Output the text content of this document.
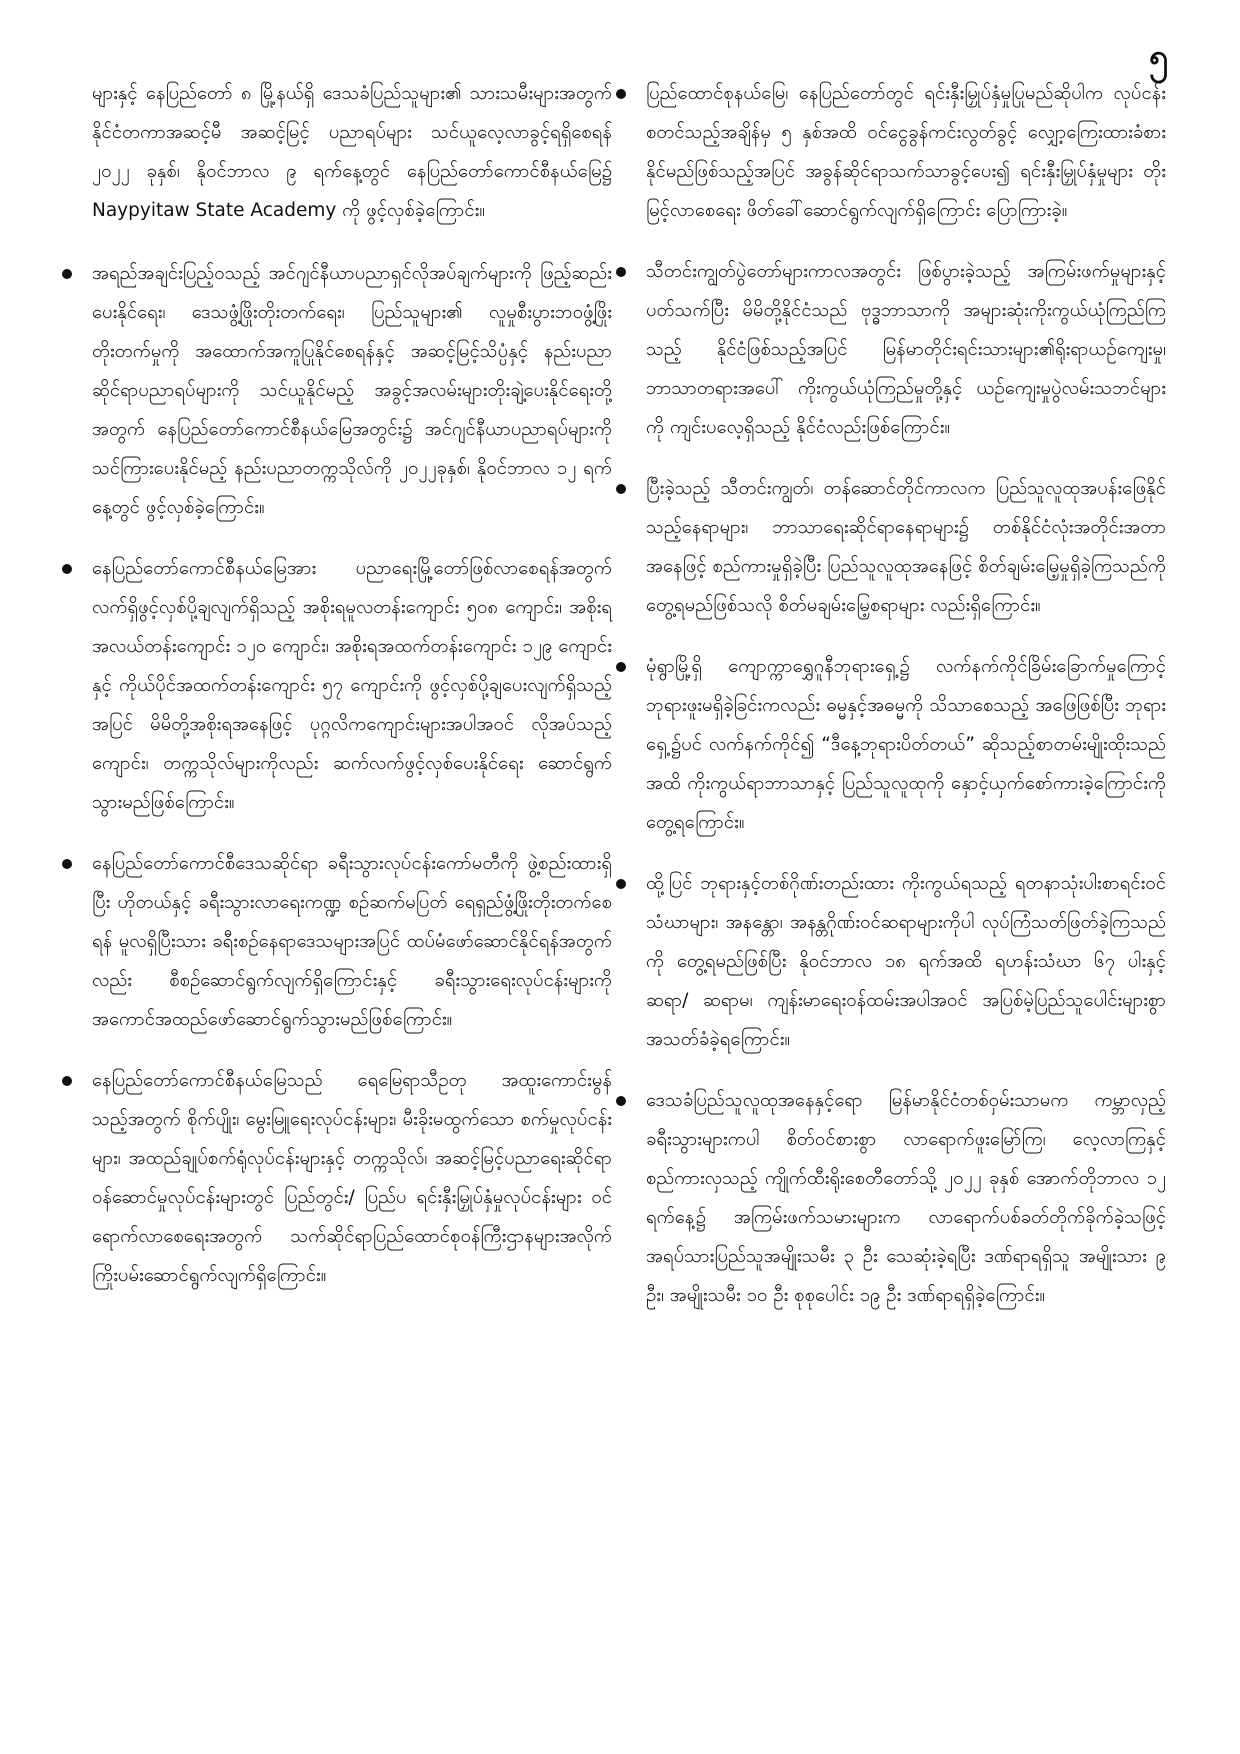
၅

များနှင့် နေပြည်တော် ၈ မြို့နယ်ရှိ ဒေသခံပြည်သူများ၏ သားသမီးများအတွက် နိုင်ငံတကာအဆင့်မီ အဆင့်မြင့် ပညာရပ်များ သင်ယူလေ့လာခွင့်ရရှိစေရန် ၂၀၂၂ ခုနှစ်၊ နိုဝင်ဘာလ ၉ ရက်နေ့တွင် နေပြည်တော်ကောင်စီနယ်မြေ၌ Naypyitaw State Academy ကို ဖွင့်လှစ်ခဲ့ကြောင်း။

အရည်အချင်းပြည့်ဝသည့် အင်ဂျင်နီယာပညာရှင်လိုအပ်ချက်များကို ဖြည့်ဆည်းပေးနိုင်ရေး၊ ဒေသဖွံ့ဖြိုးတိုးတက်ရေး၊ ပြည်သူများ၏ လူမှုစီးပွားဘဝဖွံ့ဖြိုးတိုးတက်မှုကို အထောက်အကူပြုနိုင်စေရန်နှင့် အဆင့်မြင့်သိပ္ပံနှင့် နည်းပညာဆိုင်ရာပညာရပ်များကို သင်ယူနိုင်မည့် အခွင့်အလမ်းများတိုးချဲ့ပေးနိုင်ရေးတို့အတွက် နေပြည်တော်ကောင်စီနယ်မြေအတွင်း၌ အင်ဂျင်နီယာပညာရပ်များကို သင်ကြားပေးနိုင်မည့် နည်းပညာတက္ကသိုလ်ကို ၂၀၂၂ခုနှစ်၊ နိုဝင်ဘာလ ၁၂ ရက်နေ့တွင် ဖွင့်လှစ်ခဲ့ကြောင်း။

နေပြည်တော်ကောင်စီနယ်မြေအား ပညာရေးမြို့တော်ဖြစ်လာစေရန်အတွက် လက်ရှိဖွင့်လှစ်ပို့ချလျက်ရှိသည့် အစိုးရမူလတန်းကျောင်း ၅၀၈ ကျောင်း၊ အစိုးရအလယ်တန်းကျောင်း ၁၂၀ ကျောင်း၊ အစိုးရအထက်တန်းကျောင်း ၁၂၉ ကျောင်းနှင့် ကိုယ်ပိုင်အထက်တန်းကျောင်း ၅၇ ကျောင်းကို ဖွင့်လှစ်ပို့ချပေးလျက်ရှိသည့်အပြင် မိမိတို့အစိုးရအနေဖြင့် ပုဂ္ဂလိကကျောင်းများအပါအဝင် လိုအပ်သည့်ကျောင်း၊ တက္ကသိုလ်များကိုလည်း ဆက်လက်ဖွင့်လှစ်ပေးနိုင်ရေး ဆောင်ရွက်သွားမည်ဖြစ်ကြောင်း။

နေပြည်တော်ကောင်စီဒေသဆိုင်ရာ ခရီးသွားလုပ်ငန်းကော်မတီကို ဖွဲ့စည်းထားရှိပြီး ဟိုတယ်နှင့် ခရီးသွားလာရေးကဏ္ဍ စဉ်ဆက်မပြတ် ရေရှည်ဖွံ့ဖြိုးတိုးတက်စေရန် မူလရှိပြီးသား ခရီးစဉ်နေရာဒေသများအပြင် ထပ်မံဖော်ဆောင်နိုင်ရန်အတွက်လည်း စီစဉ်ဆောင်ရွက်လျက်ရှိကြောင်းနှင့် ခရီးသွားရေးလုပ်ငန်းများကို အကောင်အထည်ဖော်ဆောင်ရွက်သွားမည်ဖြစ်ကြောင်း။

နေပြည်တော်ကောင်စီနယ်မြေသည် ရေမြေရာသီဥတု အထူးကောင်းမွန်သည့်အတွက် စိုက်ပျိုး၊ မွေးမြူရေးလုပ်ငန်းများ၊ မီးခိုးမထွက်သော စက်မှုလုပ်ငန်းများ၊ အထည်ချုပ်စက်ရုံလုပ်ငန်းများနှင့် တက္ကသိုလ်၊ အဆင့်မြင့်ပညာရေးဆိုင်ရာ ဝန်ဆောင်မှုလုပ်ငန်းများတွင် ပြည်တွင်း/ ပြည်ပ ရင်းနှီးမြှုပ်နှံမှုလုပ်ငန်းများ ဝင်ရောက်လာစေရေးအတွက် သက်ဆိုင်ရာပြည်ထောင်စုဝန်ကြီးဌာနများအလိုက် ကြိုးပမ်းဆောင်ရွက်လျက်ရှိကြောင်း။

ပြည်ထောင်စုနယ်မြေ၊ နေပြည်တော်တွင် ရင်းနှီးမြှုပ်နှံမှုပြုမည်ဆိုပါက လုပ်ငန်းစတင်သည့်အချိန်မှ ၅ နှစ်အထိ ဝင်ငွေခွန်ကင်းလွတ်ခွင့် လျှော့ကြေးထားခံစားနိုင်မည်ဖြစ်သည့်အပြင် အခွန်ဆိုင်ရာသက်သာခွင့်ပေး၍ ရင်းနှီးမြှုပ်နှံမှုများ တိုးမြင့်လာစေရေး ဖိတ်ခေါ်ဆောင်ရွက်လျက်ရှိကြောင်း ပြောကြားခဲ့။

သီတင်းကျွတ်ပွဲတော်များကာလအတွင်း ဖြစ်ပွားခဲ့သည့် အကြမ်းဖက်မှုများနှင့်ပတ်သက်ပြီး မိမိတို့နိုင်ငံသည် ဗုဒ္ဓဘာသာကို အများဆုံးကိုးကွယ်ယုံကြည်ကြသည့် နိုင်ငံဖြစ်သည့်အပြင် မြန်မာတိုင်းရင်းသားများ၏ရိုးရာယဉ်ကျေးမှု၊ ဘာသာတရားအပေါ် ကိုးကွယ်ယုံကြည်မှုတို့နှင့် ယဉ်ကျေးမှုပွဲလမ်းသဘင်များကို ကျင်းပလေ့ရှိသည့် နိုင်ငံလည်းဖြစ်ကြောင်း။

ပြီးခဲ့သည့် သီတင်းကျွတ်၊ တန်ဆောင်တိုင်ကာလက ပြည်သူလူထုအပန်းဖြေနိုင်သည့်နေရာများ၊ ဘာသာရေးဆိုင်ရာနေရာများ၌ တစ်နိုင်ငံလုံးအတိုင်းအတာအနေဖြင့် စည်ကားမှုရှိခဲ့ပြီး ပြည်သူလူထုအနေဖြင့် စိတ်ချမ်းမြေ့မှုရှိခဲ့ကြသည်ကို တွေ့ရမည်ဖြစ်သလို စိတ်မချမ်းမြေ့စရာများ လည်းရှိကြောင်း။

မုံရွာမြို့ရှိ ကျောက္ကာရွှေဂူနီဘုရားရှေ့၌ လက်နက်ကိုင်ခြိမ်းခြောက်မှုကြောင့် ဘုရားဖူးမရှိခဲ့ခြင်းကလည်း ဓမ္မနှင့်အဓမ္မကို သိသာစေသည့် အဖြေဖြစ်ပြီး ဘုရားရှေ့၌ပင် လက်နက်ကိုင်၍ “ဒီနေ့ဘုရားပိတ်တယ်” ဆိုသည့်စာတမ်းမျိုးထိုးသည်အထိ ကိုးကွယ်ရာဘာသာနှင့် ပြည်သူလူထုကို နှောင့်ယှက်စော်ကားခဲ့ကြောင်းကို တွေ့ရကြောင်း။

ထို့ပြင် ဘုရားနှင့်တစ်ဂိုဏ်းတည်းထား ကိုးကွယ်ရသည့် ရတနာသုံးပါးစာရင်းဝင် သံဃာများ၊ အနန္တော၊ အနန္တဂိုဏ်းဝင်ဆရာများကိုပါ လုပ်ကြံသတ်ဖြတ်ခဲ့ကြသည်ကို တွေ့ရမည်ဖြစ်ပြီး နိုဝင်ဘာလ ၁၈ ရက်အထိ ရဟန်းသံဃာ ၆၇ ပါးနှင့် ဆရာ/ ဆရာမ၊ ကျန်းမာရေးဝန်ထမ်းအပါအဝင် အပြစ်မဲ့ပြည်သူပေါင်းများစွာ အသတ်ခံခဲ့ရကြောင်း။

ဒေသခံပြည်သူလူထုအနေနှင့်ရော မြန်မာနိုင်ငံတစ်ဝှမ်းသာမက ကမ္ဘာလှည့်ခရီးသွားများကပါ စိတ်ဝင်စားစွာ လာရောက်ဖူးမြော်ကြ၊ လေ့လာကြနှင့် စည်ကားလှသည့် ကျိုက်ထီးရိုးစေတီတော်သို့ ၂၀၂၂ ခုနှစ် အောက်တိုဘာလ ၁၂ ရက်နေ့၌ အကြမ်းဖက်သမားများက လာရောက်ပစ်ခတ်တိုက်ခိုက်ခဲ့သဖြင့် အရပ်သားပြည်သူအမျိုးသမီး ၃ ဦး သေဆုံးခဲ့ရပြီး ဒဏ်ရာရရှိသူ အမျိုးသား ၉ ဦး၊ အမျိုးသမီး ၁၀ ဦး စုစုပေါင်း ၁၉ ဦး ဒဏ်ရာရရှိခဲ့ကြောင်း။
